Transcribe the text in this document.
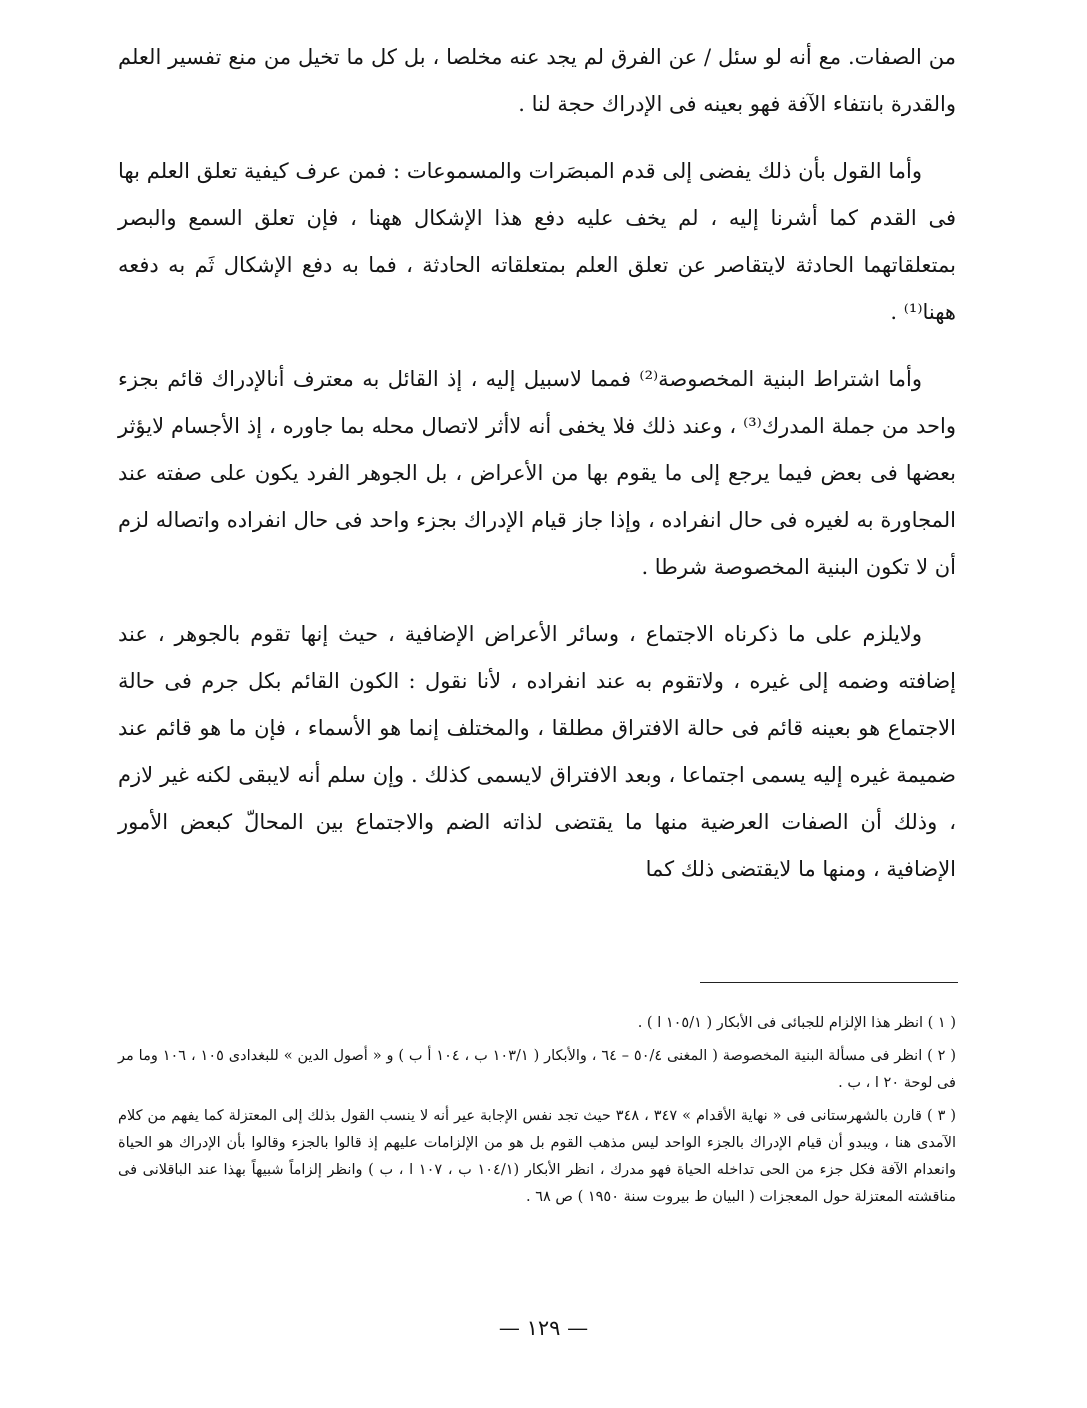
من الصفات. مع أنه لو سئل / عن الفرق لم يجد عنه مخلصا ، بل كل ما تخيل من منع تفسير العلم والقدرة بانتفاء الآفة فهو بعينه فى الإدراك حجة لنا .

وأما القول بأن ذلك يفضى إلى قدم المبصَرات والمسموعات : فمن عرف كيفية تعلق العلم بها فى القدم كما أشرنا إليه ، لم يخف عليه دفع هذا الإشكال ههنا ، فإن تعلق السمع والبصر بمتعلقاتهما الحادثة لايتقاصر عن تعلق العلم بمتعلقاته الحادثة ، فما به دفع الإشكال ثَم به دفعه ههنا⁽¹⁾ .

وأما اشتراط البنية المخصوصة⁽²⁾ فمما لاسبيل إليه ، إذ القائل به معترف أنالإدراك قائم بجزء واحد من جملة المدرك⁽³⁾ ، وعند ذلك فلا يخفى أنه لاأثر لاتصال محله بما جاوره ، إذ الأجسام لايؤثر بعضها فى بعض فيما يرجع إلى ما يقوم بها من الأعراض ، بل الجوهر الفرد يكون على صفته عند المجاورة به لغيره فى حال انفراده ، وإذا جاز قيام الإدراك بجزء واحد فى حال انفراده واتصاله لزم أن لا تكون البنية المخصوصة شرطا .

ولايلزم على ما ذكرناه الاجتماع ، وسائر الأعراض الإضافية ، حيث إنها تقوم بالجوهر ، عند إضافته وضمه إلى غيره ، ولاتقوم به عند انفراده ، لأنا نقول : الكون القائم بكل جرم فى حالة الاجتماع هو بعينه قائم فى حالة الافتراق مطلقا ، والمختلف إنما هو الأسماء ، فإن ما هو قائم عند ضميمة غيره إليه يسمى اجتماعا ، وبعد الافتراق لايسمى كذلك . وإن سلم أنه لايبقى لكنه غير لازم ، وذلك أن الصفات العرضية منها ما يقتضى لذاته الضم والاجتماع بين المحالّ كبعض الأمور الإضافية ، ومنها ما لايقتضى ذلك كما

( ١ ) انظر هذا الإلزام للجبائى فى الأبكار ( ١٠٥/١ ا ) .

( ٢ ) انظر فى مسألة البنية المخصوصة ( المغنى ٥٠/٤ – ٦٤ ، والأبكار ( ١٠٣/١ ب ، ١٠٤ أ ب ) و « أصول الدين » للبغدادى ١٠٥ ، ١٠٦ وما مر فى لوحة ٢٠ ا ، ب .

( ٣ ) قارن بالشهرستانى فى « نهاية الأقدام » ٣٤٧ ، ٣٤٨ حيث تجد نفس الإجابة عير أنه لا ينسب القول بذلك إلى المعتزلة كما يفهم من كلام الآمدى هنا ، ويبدو أن قيام الإدراك بالجزء الواحد ليس مذهب القوم بل هو من الإلزامات عليهم إذ قالوا بالجزء وقالوا بأن الإدراك هو الحياة وانعدام الآفة فكل جزء من الحى تداخله الحياة فهو مدرك ، انظر الأبكار (١٠٤/١ ب ، ١٠٧ ا ، ب ) وانظر إلزاماً شبيهاً بهذا عند الباقلانى فى مناقشته المعتزلة حول المعجزات ( البيان ط بيروت سنة ١٩٥٠ ) ص ٦٨ .

— ١٢٩ —
